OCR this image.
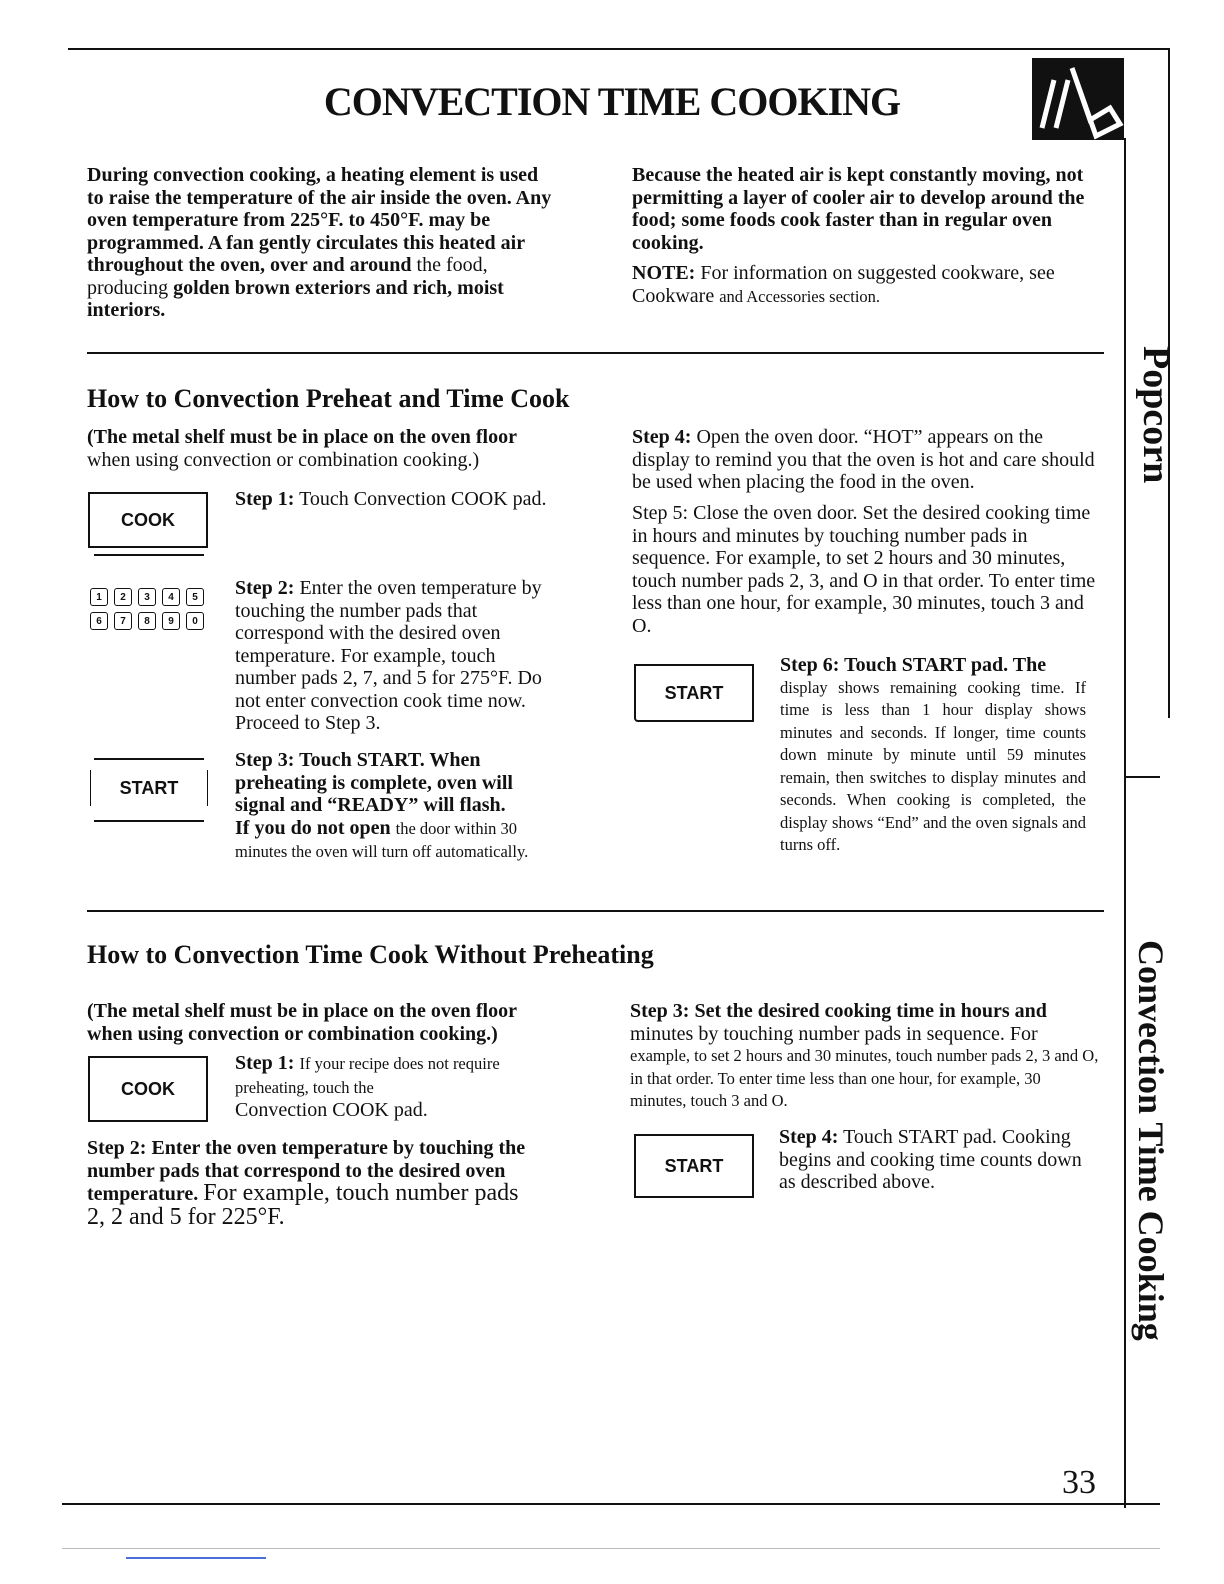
CONVECTION TIME COOKING
During convection cooking, a heating element is used to raise the temperature of the air inside the oven. Any oven temperature from 225°F. to 450°F. may be programmed. A fan gently circulates this heated air throughout the oven, over and around the food, producing golden brown exteriors and rich, moist interiors.
Because the heated air is kept constantly moving, not permitting a layer of cooler air to develop around the food; some foods cook faster than in regular oven cooking.
NOTE: For information on suggested cookware, see Cookware and Accessories section.
How to Convection Preheat and Time Cook
(The metal shelf must be in place on the oven floor
when using convection or combination cooking.)
COOK
1	2	3	4	5
6	7	8	9	0
START
Step 1: Touch Convection COOK pad.
Step 2: Enter the oven temperature by touching the number pads that correspond with the desired oven temperature. For example, touch number pads 2, 7, and 5 for 275°F. Do not enter convection cook time now. Proceed to Step 3.
Step 3: Touch START. When preheating is complete, oven will signal and “READY” will flash.
If you do not open the door within 30 minutes the oven will turn off automatically.
Step 4: Open the oven door. “HOT” appears on the display to remind you that the oven is hot and care should be used when placing the food in the oven.
Step 5: Close the oven door. Set the desired cooking time in hours and minutes by touching number pads in sequence. For example, to set 2 hours and 30 minutes, touch number pads 2, 3, and O in that order. To enter time less than one hour, for example, 30 minutes, touch 3 and O.
START
Step 6: Touch START pad. The
display shows remaining cooking time. If time is less than 1 hour display shows minutes and seconds. If longer, time counts down minute by minute until 59 minutes remain, then switches to display minutes and seconds. When cooking is completed, the display shows “End” and the oven signals and turns off.
How to Convection Time Cook Without Preheating
(The metal shelf must be in place on the oven floor when using convection or combination cooking.)
COOK
Step 1: If your recipe does not require preheating, touch the
Convection COOK pad.
Step 2: Enter the oven temperature by touching the number pads that correspond to the desired oven temperature. For example, touch number pads 2, 2 and 5 for 225°F.
Step 3: Set the desired cooking time in hours and
minutes by touching number pads in sequence. For
example, to set 2 hours and 30 minutes, touch number pads 2, 3 and O, in that order. To enter time less than one hour, for example, 30 minutes, touch 3 and O.
START
Step 4: Touch START pad. Cooking begins and cooking time counts down as described above.
Popcorn
Convection Time Cooking
33
